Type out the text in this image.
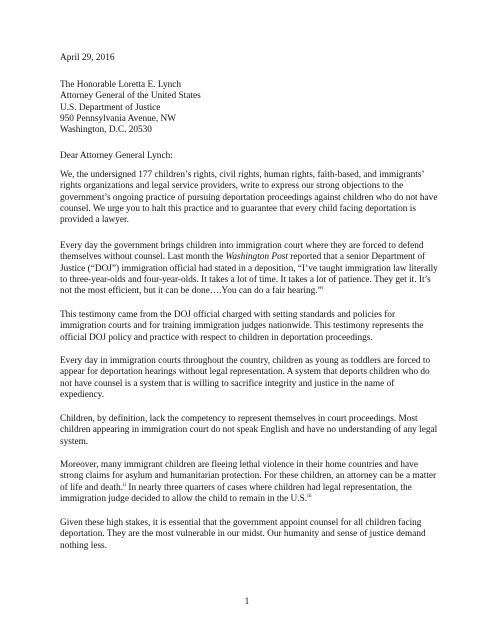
April 29, 2016

The Honorable Loretta E. Lynch

Attorney General of the United States

U.S. Department of Justice

950 Pennsylvania Avenue, NW

Washington, D.C. 20530

Dear Attorney General Lynch:

We, the undersigned 177 children’s rights, civil rights, human rights, faith-based, and immigrants’ rights organizations and legal service providers, write to express our strong objections to the government’s ongoing practice of pursuing deportation proceedings against children who do not have counsel. We urge you to halt this practice and to guarantee that every child facing deportation is provided a lawyer.

Every day the government brings children into immigration court where they are forced to defend themselves without counsel. Last month the Washington Post reported that a senior Department of Justice (“DOJ”) immigration official had stated in a deposition, “I’ve taught immigration law literally to three-year-olds and four-year-olds. It takes a lot of time. It takes a lot of patience. They get it. It’s not the most efficient, but it can be done….You can do a fair hearing.”$^i$

This testimony came from the DOJ official charged with setting standards and policies for immigration courts and for training immigration judges nationwide. This testimony represents the official DOJ policy and practice with respect to children in deportation proceedings.

Every day in immigration courts throughout the country, children as young as toddlers are forced to appear for deportation hearings without legal representation. A system that deports children who do not have counsel is a system that is willing to sacrifice integrity and justice in the name of expediency.

Children, by definition, lack the competency to represent themselves in court proceedings. Most children appearing in immigration court do not speak English and have no understanding of any legal system.

Moreover, many immigrant children are fleeing lethal violence in their home countries and have strong claims for asylum and humanitarian protection. For these children, an attorney can be a matter of life and death.$^{ii}$ In nearly three quarters of cases where children had legal representation, the immigration judge decided to allow the child to remain in the U.S.$^{iii}$

Given these high stakes, it is essential that the government appoint counsel for all children facing deportation. They are the most vulnerable in our midst. Our humanity and sense of justice demand nothing less.

1
